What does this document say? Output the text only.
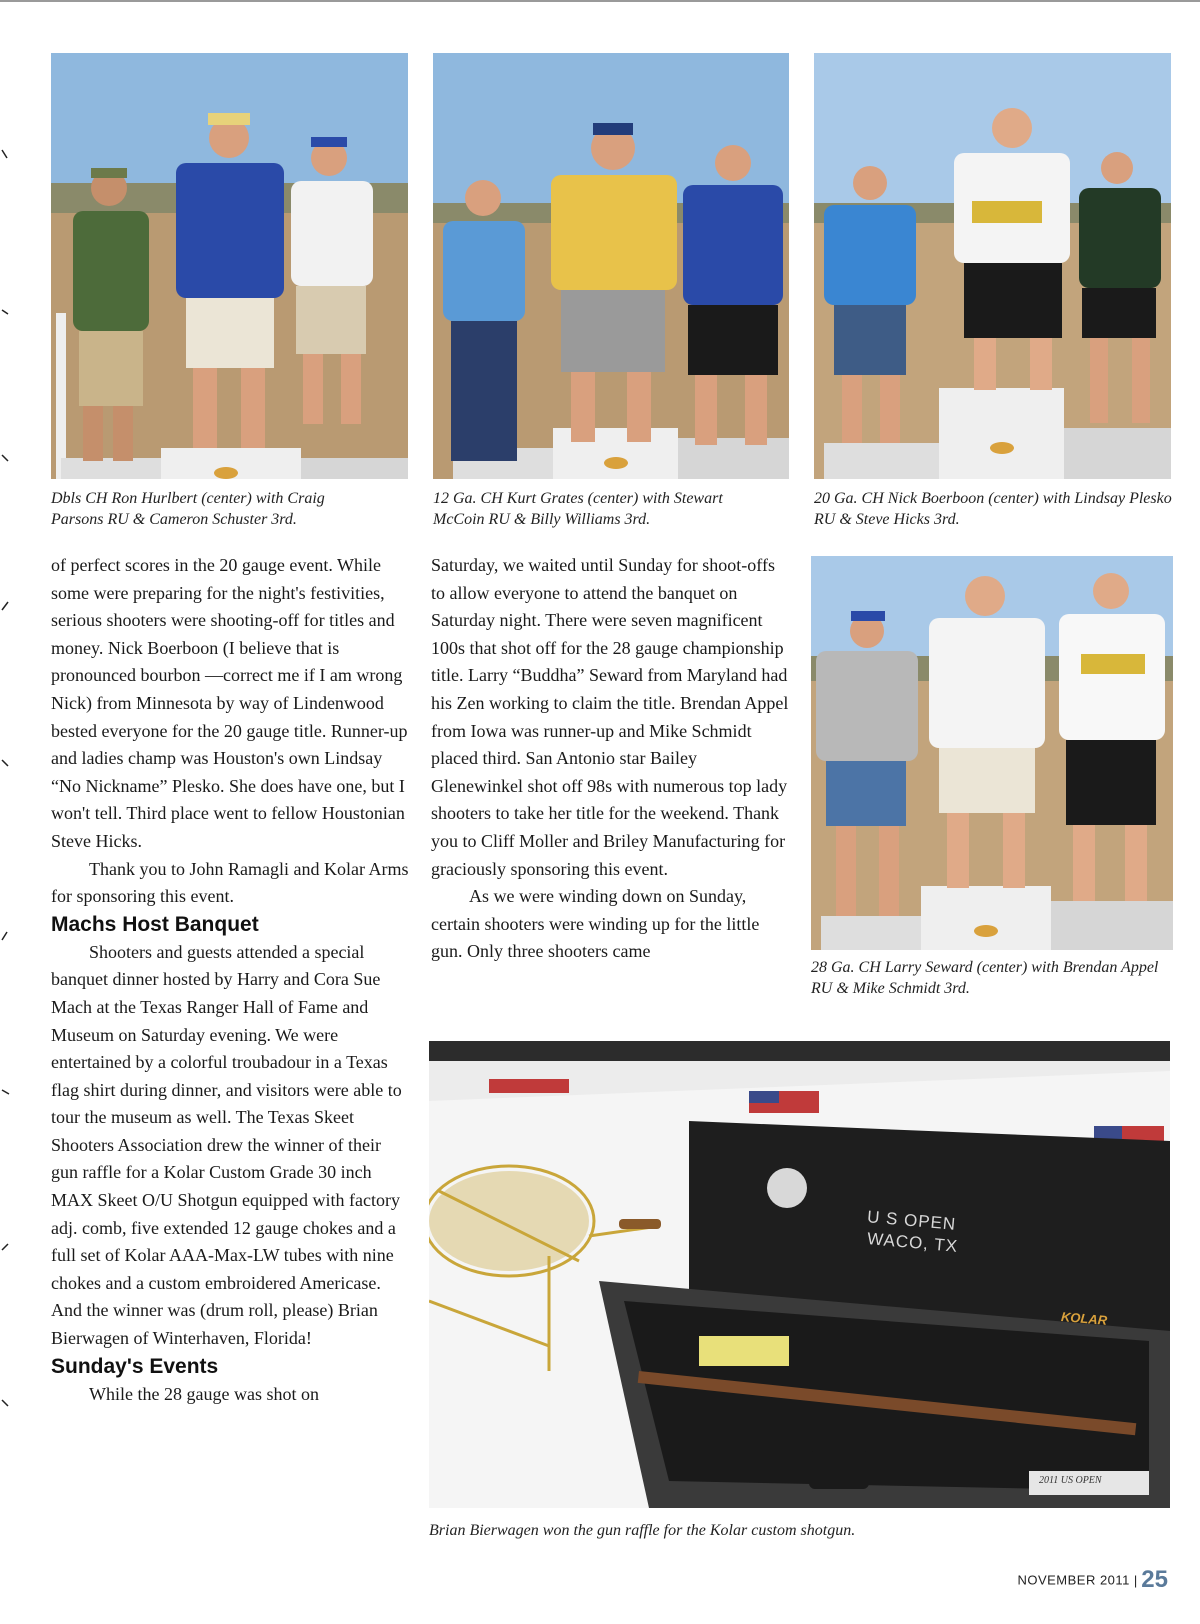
Dbls CH Ron Hurlbert (center) with Craig Parsons RU & Cameron Schuster 3rd.
12 Ga. CH Kurt Grates (center) with Stewart McCoin RU & Billy Williams 3rd.
20 Ga. CH Nick Boerboon (center) with Lindsay Plesko RU & Steve Hicks 3rd.
28 Ga. CH Larry Seward (center) with Brendan Appel RU & Mike Schmidt 3rd.
U S OPEN
WACO, TX
KOLAR
2011 US OPEN
Brian Bierwagen won the gun raffle for the Kolar custom shotgun.

of perfect scores in the 20 gauge event. While some were preparing for the night's festivities, serious shooters were shooting-off for titles and money. Nick Boerboon (I believe that is pronounced bourbon —correct me if I am wrong Nick) from Minnesota by way of Lindenwood bested everyone for the 20 gauge title. Runner-up and ladies champ was Houston's own Lindsay “No Nickname” Plesko. She does have one, but I won't tell. Third place went to fellow Houstonian Steve Hicks.

Thank you to John Ramagli and Kolar Arms for sponsoring this event.

Machs Host Banquet

Shooters and guests attended a special banquet dinner hosted by Harry and Cora Sue Mach at the Texas Ranger Hall of Fame and Museum on Saturday evening. We were entertained by a colorful troubadour in a Texas flag shirt during dinner, and visitors were able to tour the museum as well. The Texas Skeet Shooters Association drew the winner of their gun raffle for a Kolar Custom Grade 30 inch MAX Skeet O/U Shotgun equipped with factory adj. comb, five extended 12 gauge chokes and a full set of Kolar AAA-Max-LW tubes with nine chokes and a custom embroidered Americase. And the winner was (drum roll, please) Brian Bierwagen of Winterhaven, Florida!

Sunday's Events

While the 28 gauge was shot on

Saturday, we waited until Sunday for shoot-offs to allow everyone to attend the banquet on Saturday night. There were seven magnificent 100s that shot off for the 28 gauge championship title. Larry “Buddha” Seward from Maryland had his Zen working to claim the title. Brendan Appel from Iowa was runner-up and Mike Schmidt placed third. San Antonio star Bailey Glenewinkel shot off 98s with numerous top lady shooters to take her title for the weekend. Thank you to Cliff Moller and Briley Manufacturing for graciously sponsoring this event.

As we were winding down on Sunday, certain shooters were winding up for the little gun. Only three shooters came

NOVEMBER 2011 | 25
